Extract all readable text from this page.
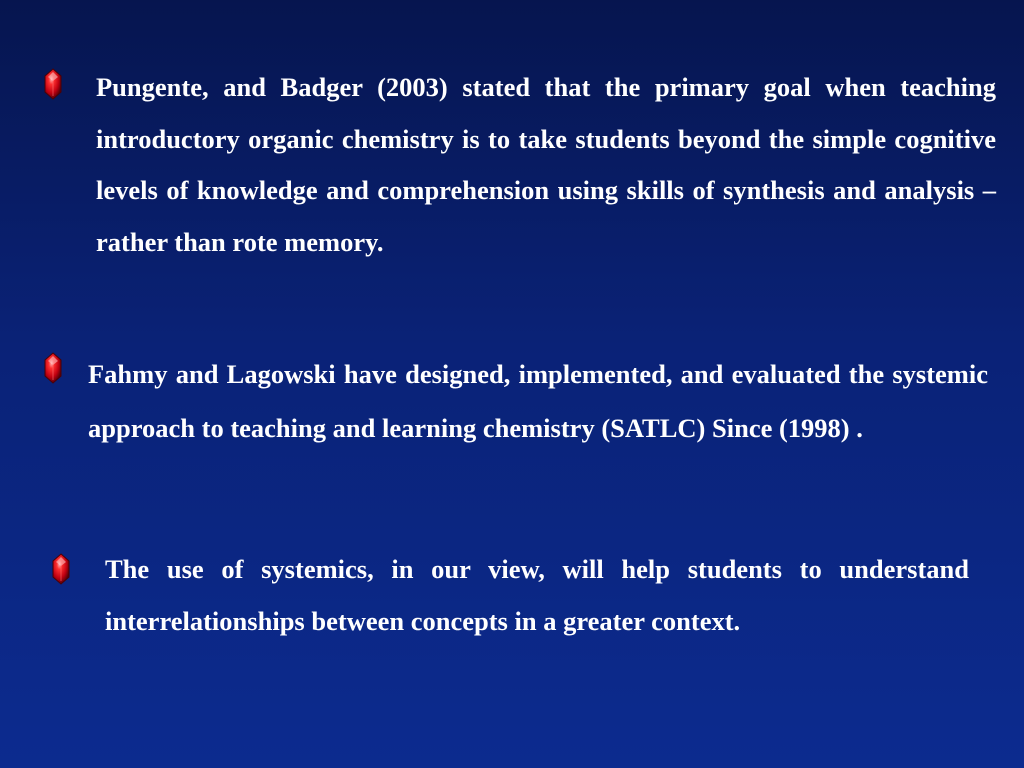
Pungente, and Badger (2003) stated that the primary goal when teaching introductory organic chemistry is to take students beyond the simple cognitive levels of knowledge and comprehension using skills of synthesis and analysis – rather than rote memory.

Fahmy and Lagowski have designed, implemented, and evaluated the systemic approach to teaching and learning chemistry (SATLC) Since (1998) .

The use of systemics, in our view, will help students to understand interrelationships between concepts in a greater context.
